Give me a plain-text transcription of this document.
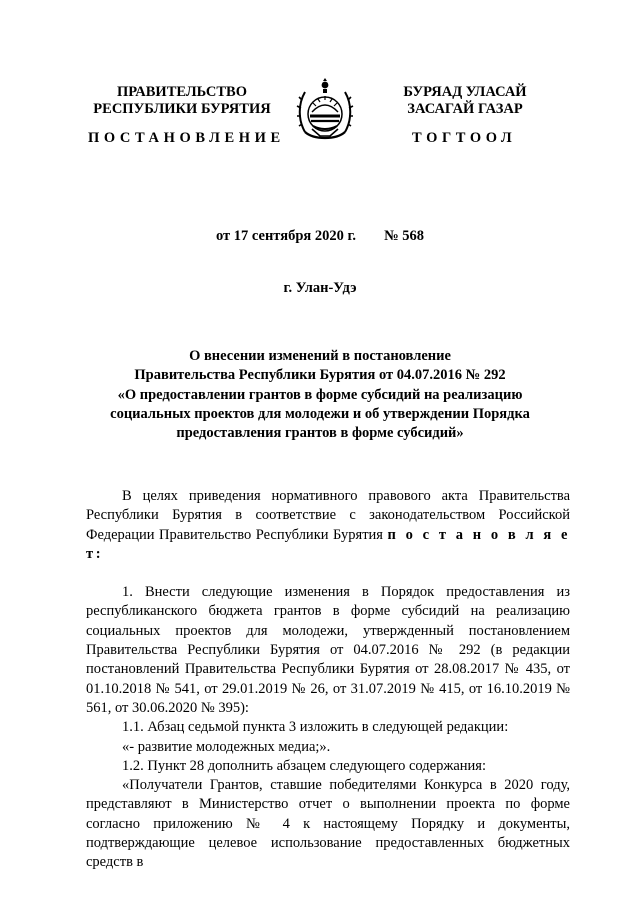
ПРАВИТЕЛЬСТВО
РЕСПУБЛИКИ БУРЯТИЯ
БУРЯАД УЛАСАЙ
ЗАСАГАЙ ГАЗАР
ПОСТАНОВЛЕНИЕ	ТОГТООЛ
от 17 сентября 2020 г. № 568
г. Улан-Удэ
О внесении изменений в постановление
Правительства Республики Бурятия от 04.07.2016 № 292
«О предоставлении грантов в форме субсидий на реализацию
социальных проектов для молодежи и об утверждении Порядка
предоставления грантов в форме субсидий»

В целях приведения нормативного правового акта Правительства Республики Бурятия в соответствие с законодательством Российской Федерации Правительство Республики Бурятия п о с т а н о в л я е т:

1. Внести следующие изменения в Порядок предоставления из республиканского бюджета грантов в форме субсидий на реализацию социальных проектов для молодежи, утвержденный постановлением Правительства Республики Бурятия от 04.07.2016 № 292 (в редакции постановлений Правительства Республики Бурятия от 28.08.2017 № 435, от 01.10.2018 № 541, от 29.01.2019 № 26, от 31.07.2019 № 415, от 16.10.2019 № 561, от 30.06.2020 № 395):

1.1. Абзац седьмой пункта 3 изложить в следующей редакции:

«- развитие молодежных медиа;».

1.2. Пункт 28 дополнить абзацем следующего содержания:

«Получатели Грантов, ставшие победителями Конкурса в 2020 году, представляют в Министерство отчет о выполнении проекта по форме согласно приложению № 4 к настоящему Порядку и документы, подтверждающие целевое использование предоставленных бюджетных средств в
